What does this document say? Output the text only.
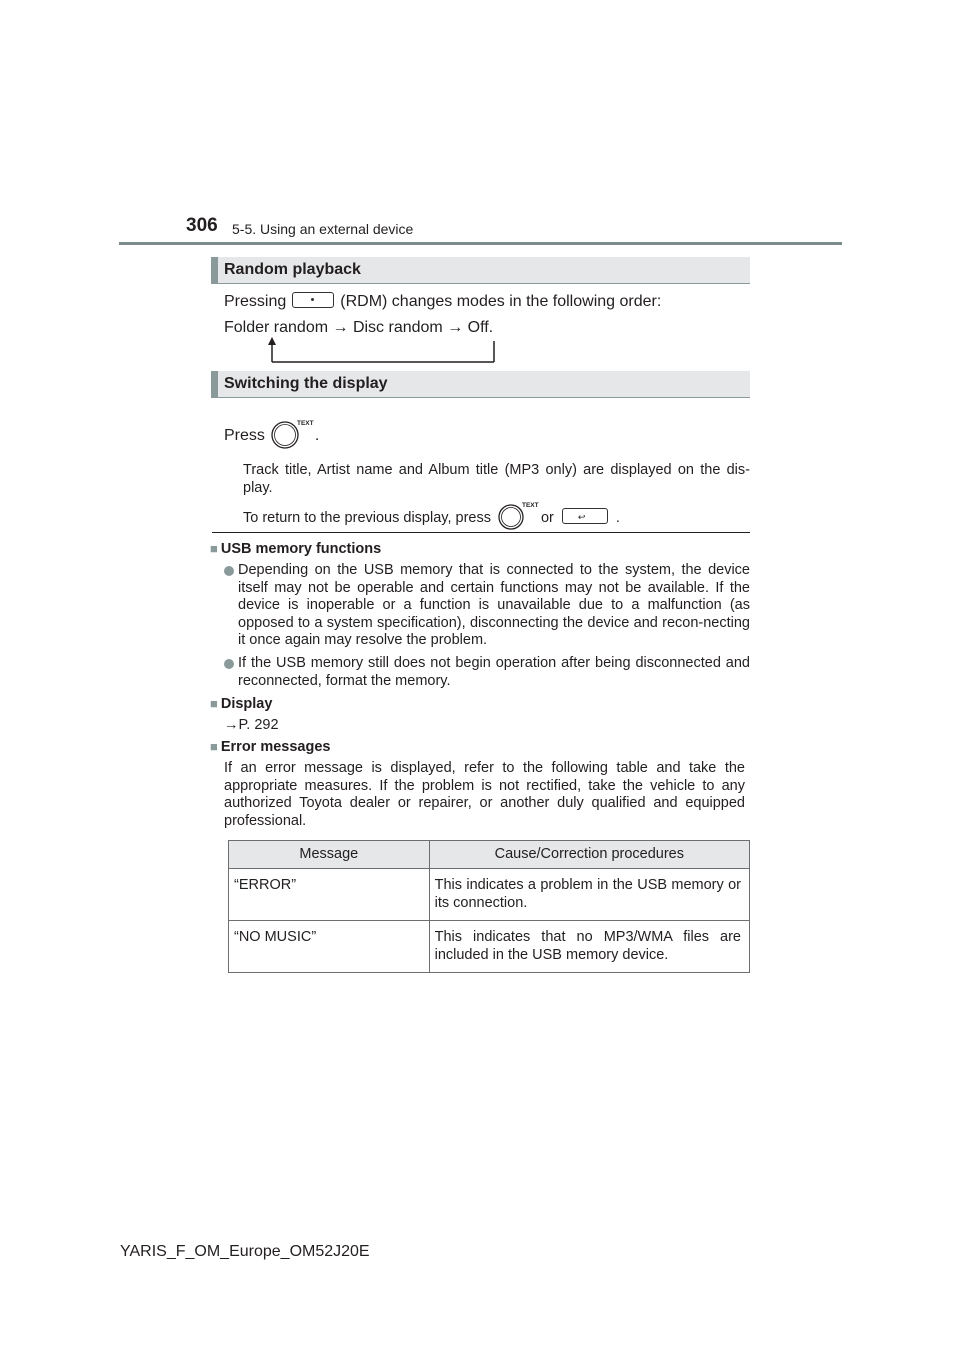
306 5-5. Using an external device
Random playback
Pressing	(RDM) changes modes in the following order:
Folder random → Disc random → Off.
Switching the display
Press
TEXT
.
Track title, Artist name and Album title (MP3 only) are displayed on the dis-play.
To return to the previous display, press
TEXT
or	↩ .
■ USB memory functions
Depending on the USB memory that is connected to the system, the device itself may not be operable and certain functions may not be available. If the device is inoperable or a function is unavailable due to a malfunction (as opposed to a system specification), disconnecting the device and recon-necting it once again may resolve the problem.
If the USB memory still does not begin operation after being disconnected and reconnected, format the memory.
■ Display
→P. 292
■ Error messages
If an error message is displayed, refer to the following table and take the appropriate measures. If the problem is not rectified, take the vehicle to any authorized Toyota dealer or repairer, or another duly qualified and equipped professional.
Message	Cause/Correction procedures
“ERROR”	This indicates a problem in the USB memory or its connection.
“NO MUSIC”	This indicates that no MP3/WMA files are included in the USB memory device.
YARIS_F_OM_Europe_OM52J20E
